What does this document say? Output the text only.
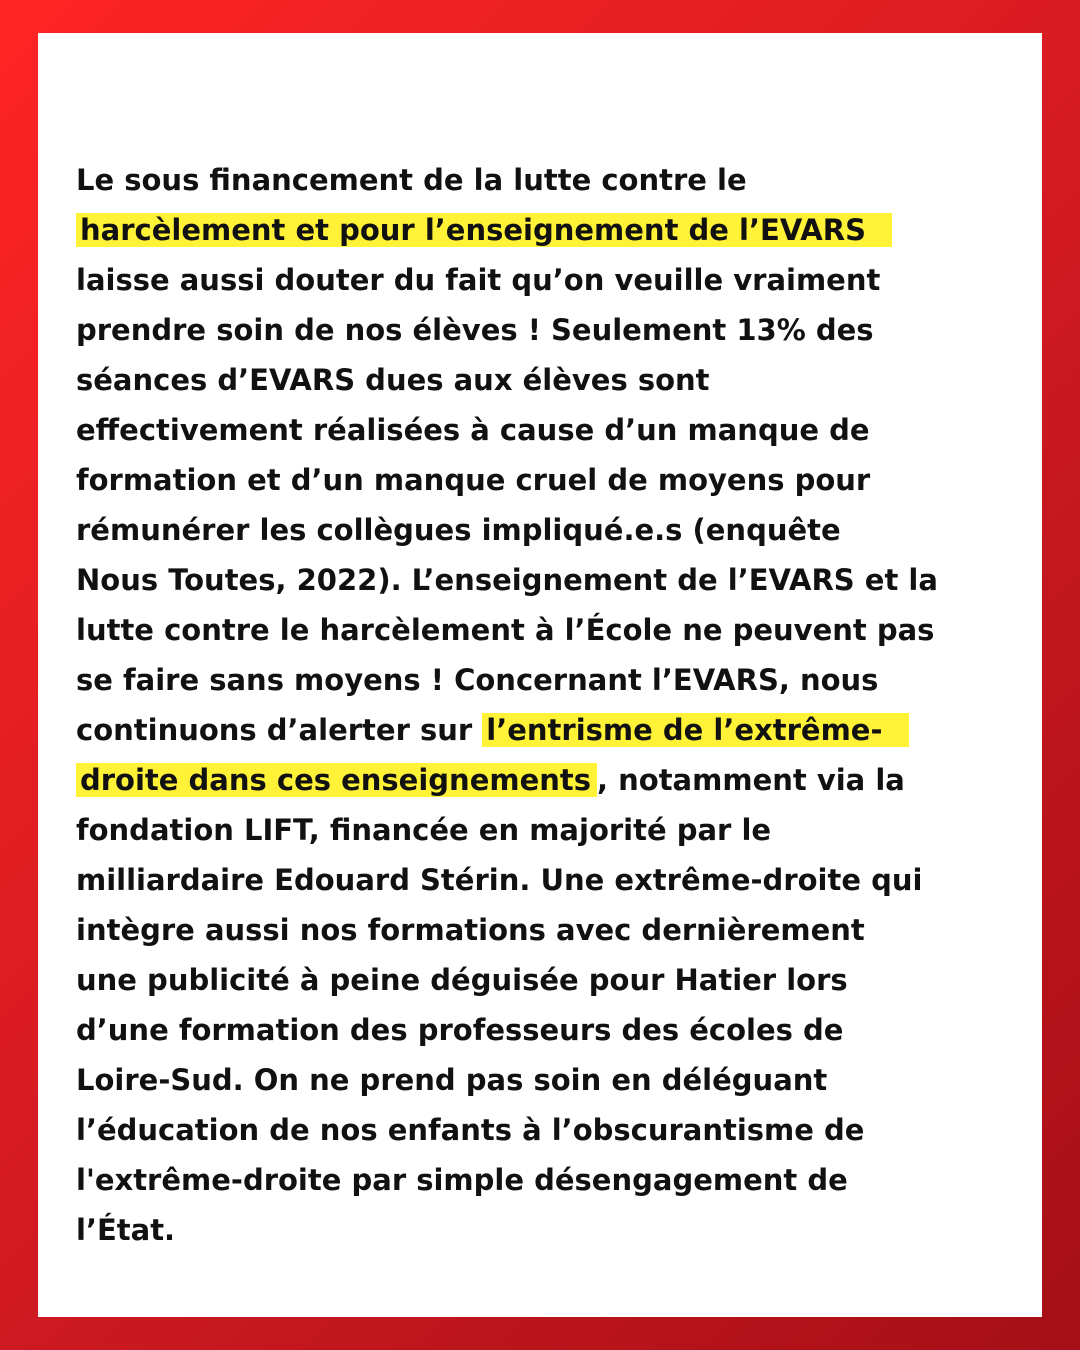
Le sous financement de la lutte contre le
harcèlement et pour l’enseignement de l’EVARS
laisse aussi douter du fait qu’on veuille vraiment
prendre soin de nos élèves ! Seulement 13% des
séances d’EVARS dues aux élèves sont
effectivement réalisées à cause d’un manque de
formation et d’un manque cruel de moyens pour
rémunérer les collègues impliqué.e.s (enquête
Nous Toutes, 2022). L’enseignement de l’EVARS et la
lutte contre le harcèlement à l’École ne peuvent pas
se faire sans moyens ! Concernant l’EVARS, nous
continuons d’alerter sur l’entrisme de l’extrême-
droite dans ces enseignements , notamment via la
fondation LIFT, financée en majorité par le
milliardaire Edouard Stérin. Une extrême-droite qui
intègre aussi nos formations avec dernièrement
une publicité à peine déguisée pour Hatier lors
d’une formation des professeurs des écoles de
Loire-Sud. On ne prend pas soin en déléguant
l’éducation de nos enfants à l’obscurantisme de
l'extrême-droite par simple désengagement de
l’État.
